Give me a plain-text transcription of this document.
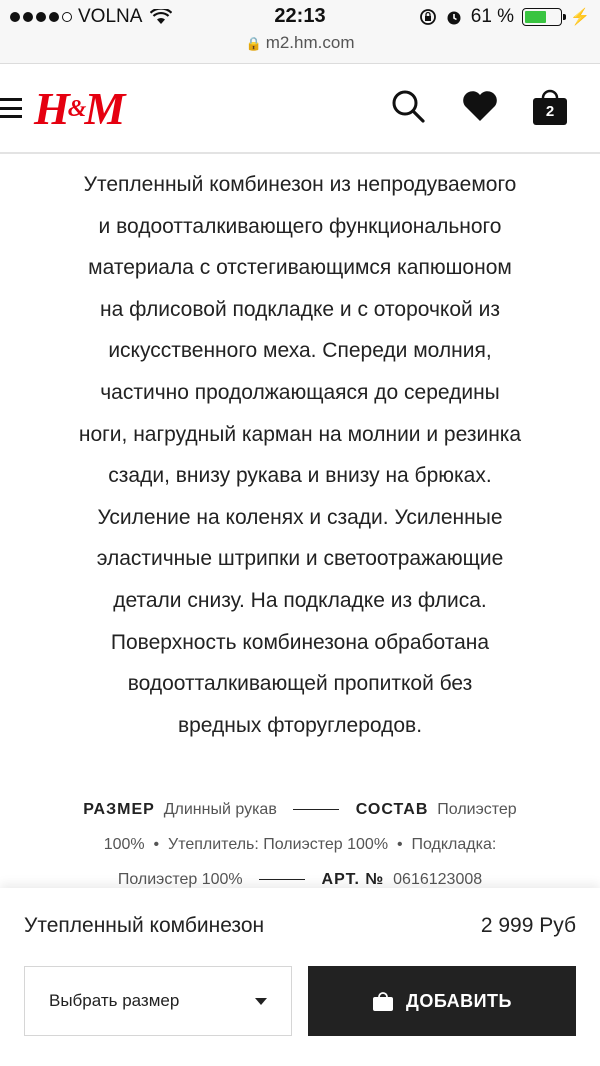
VOLNA	22:13
🔒 m2.hm.com
61 %	⚡
H&M	2
Утепленный комбинезон из непродуваемого
и водоотталкивающего функционального
материала с отстегивающимся капюшоном
на флисовой подкладке и с оторочкой из
искусственного меха. Спереди молния,
частично продолжающаяся до середины
ноги, нагрудный карман на молнии и резинка
сзади, внизу рукава и внизу на брюках.
Усиление на коленях и сзади. Усиленные
эластичные штрипки и светоотражающие
детали снизу. На подкладке из флиса.
Поверхность комбинезона обработана
водоотталкивающей пропиткой без
вредных фторуглеродов.
РАЗМЕР Длинный рукав	СОСТАВ Полиэстер
100%  •  Утеплитель: Полиэстер 100%  •  Подкладка:
Полиэстер 100%	АРТ. № 0616123008
Утепленный комбинезон	2 999 Руб
Выбрать размер	ДОБАВИТЬ
